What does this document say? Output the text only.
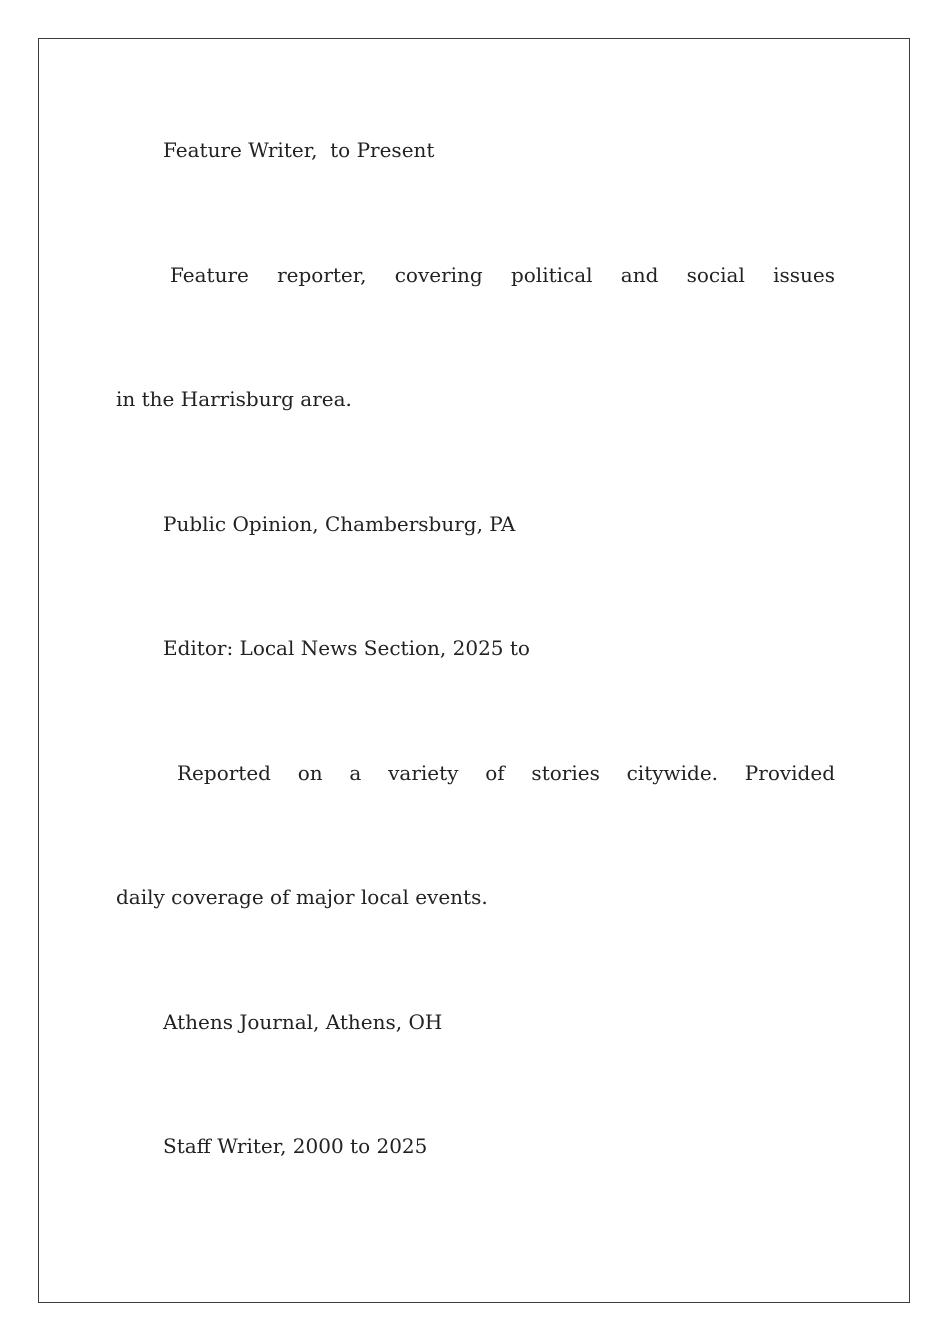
Feature Writer,  to Present

Feature reporter, covering political and social issues

in the Harrisburg area.

Public Opinion, Chambersburg, PA

Editor: Local News Section, 2025 to

Reported on a variety of stories citywide. Provided

daily coverage of major local events.

Athens Journal, Athens, OH

Staff Writer, 2000 to 2025
